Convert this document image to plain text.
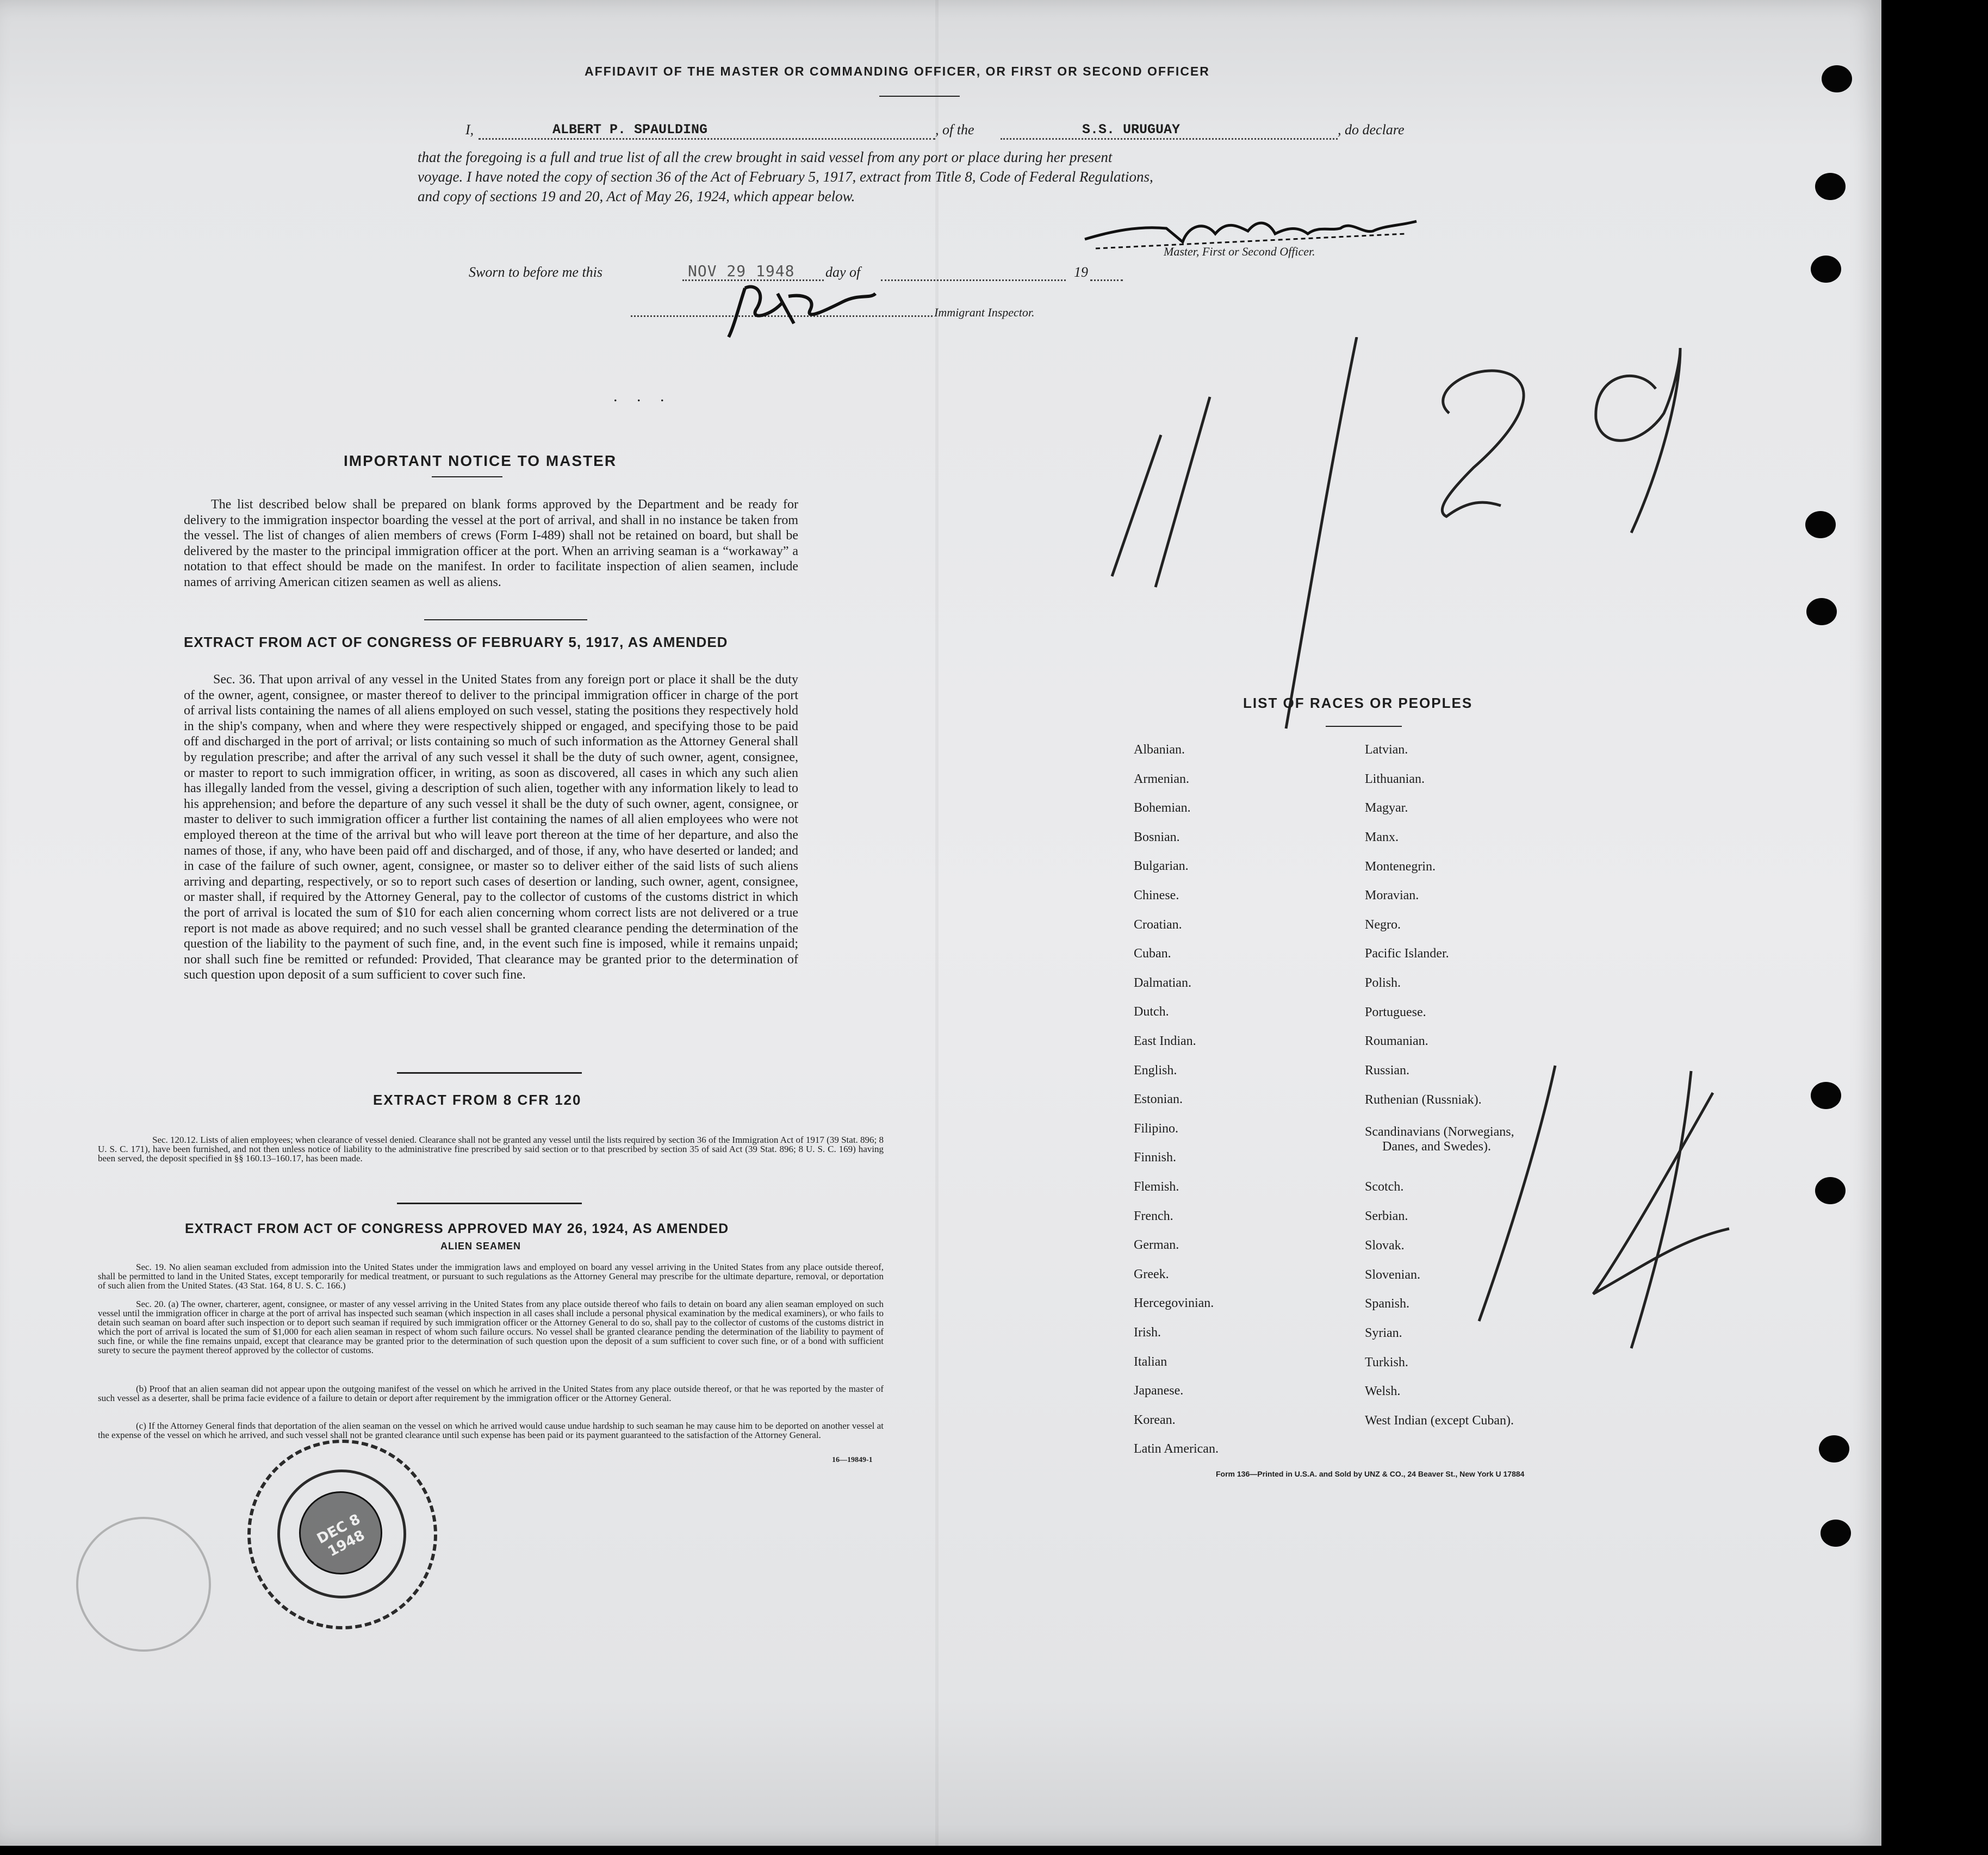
AFFIDAVIT OF THE MASTER OR COMMANDING OFFICER, OR FIRST OR SECOND OFFICER
I,	ALBERT P. SPAULDING	, of the	S.S. URUGUAY	, do declare
that the foregoing is a full and true list of all the crew brought in said vessel from any port or place during her present
voyage. I have noted the copy of section 36 of the Act of February 5, 1917, extract from Title 8, Code of Federal Regulations,
and copy of sections 19 and 20, Act of May 26, 1924, which appear below.
Master, First or Second Officer.
Sworn to before me this	NOV 29 1948 day of	19
Immigrant Inspector.
. . .
IMPORTANT NOTICE TO MASTER
The list described below shall be prepared on blank forms approved by the Department and be ready for delivery to the immigration inspector boarding the vessel at the port of arrival, and shall in no instance be taken from the vessel. The list of changes of alien members of crews (Form I-489) shall not be retained on board, but shall be delivered by the master to the principal immigration officer at the port. When an arriving seaman is a “workaway” a notation to that effect should be made on the manifest. In order to facilitate inspection of alien seamen, include names of arriving American citizen seamen as well as aliens.
EXTRACT FROM ACT OF CONGRESS OF FEBRUARY 5, 1917, AS AMENDED
Sec. 36. That upon arrival of any vessel in the United States from any foreign port or place it shall be the duty of the owner, agent, consignee, or master thereof to deliver to the principal immigration officer in charge of the port of arrival lists containing the names of all aliens employed on such vessel, stating the positions they respectively hold in the ship's company, when and where they were respectively shipped or engaged, and specifying those to be paid off and discharged in the port of arrival; or lists containing so much of such information as the Attorney General shall by regulation prescribe; and after the arrival of any such vessel it shall be the duty of such owner, agent, consignee, or master to report to such immigration officer, in writing, as soon as discovered, all cases in which any such alien has illegally landed from the vessel, giving a description of such alien, together with any information likely to lead to his apprehension; and before the departure of any such vessel it shall be the duty of such owner, agent, consignee, or master to deliver to such immigration officer a further list containing the names of all alien employees who were not employed thereon at the time of the arrival but who will leave port thereon at the time of her departure, and also the names of those, if any, who have been paid off and discharged, and of those, if any, who have deserted or landed; and in case of the failure of such owner, agent, consignee, or master so to deliver either of the said lists of such aliens arriving and departing, respectively, or so to report such cases of desertion or landing, such owner, agent, consignee, or master shall, if required by the Attorney General, pay to the collector of customs of the customs district in which the port of arrival is located the sum of $10 for each alien concerning whom correct lists are not delivered or a true report is not made as above required; and no such vessel shall be granted clearance pending the determination of the question of the liability to the payment of such fine, and, in the event such fine is imposed, while it remains unpaid; nor shall such fine be remitted or refunded: Provided, That clearance may be granted prior to the determination of such question upon deposit of a sum sufficient to cover such fine.
EXTRACT FROM 8 CFR 120
Sec. 120.12. Lists of alien employees; when clearance of vessel denied. Clearance shall not be granted any vessel until the lists required by section 36 of the Immigration Act of 1917 (39 Stat. 896; 8 U. S. C. 171), have been furnished, and not then unless notice of liability to the administrative fine prescribed by said section or to that prescribed by section 35 of said Act (39 Stat. 896; 8 U. S. C. 169) having been served, the deposit specified in §§ 160.13–160.17, has been made.
EXTRACT FROM ACT OF CONGRESS APPROVED MAY 26, 1924, AS AMENDED
ALIEN SEAMEN
Sec. 19. No alien seaman excluded from admission into the United States under the immigration laws and employed on board any vessel arriving in the United States from any place outside thereof, shall be permitted to land in the United States, except temporarily for medical treatment, or pursuant to such regulations as the Attorney General may prescribe for the ultimate departure, removal, or deportation of such alien from the United States. (43 Stat. 164, 8 U. S. C. 166.)
Sec. 20. (a) The owner, charterer, agent, consignee, or master of any vessel arriving in the United States from any place outside thereof who fails to detain on board any alien seaman employed on such vessel until the immigration officer in charge at the port of arrival has inspected such seaman (which inspection in all cases shall include a personal physical examination by the medical examiners), or who fails to detain such seaman on board after such inspection or to deport such seaman if required by such immigration officer or the Attorney General to do so, shall pay to the collector of customs of the customs district in which the port of arrival is located the sum of $1,000 for each alien seaman in respect of whom such failure occurs. No vessel shall be granted clearance pending the determination of the liability to payment of such fine, or while the fine remains unpaid, except that clearance may be granted prior to the determination of such question upon the deposit of a sum sufficient to cover such fine, or of a bond with sufficient surety to secure the payment thereof approved by the collector of customs.
(b) Proof that an alien seaman did not appear upon the outgoing manifest of the vessel on which he arrived in the United States from any place outside thereof, or that he was reported by the master of such vessel as a deserter, shall be prima facie evidence of a failure to detain or deport after requirement by the immigration officer or the Attorney General.
(c) If the Attorney General finds that deportation of the alien seaman on the vessel on which he arrived would cause undue hardship to such seaman he may cause him to be deported on another vessel at the expense of the vessel on which he arrived, and such vessel shall not be granted clearance until such expense has been paid or its payment guaranteed to the satisfaction of the Attorney General.
16—19849-1
LIST OF RACES OR PEOPLES
Albanian.
Armenian.
Bohemian.
Bosnian.
Bulgarian.
Chinese.
Croatian.
Cuban.
Dalmatian.
Dutch.
East Indian.
English.
Estonian.
Filipino.
Finnish.
Flemish.
French.
German.
Greek.
Hercegovinian.
Irish.
Italian
Japanese.
Korean.
Latin American.
Latvian.
Lithuanian.
Magyar.
Manx.
Montenegrin.
Moravian.
Negro.
Pacific Islander.
Polish.
Portuguese.
Roumanian.
Russian.
Ruthenian (Russniak).
Scandinavians (Norwegians,
Danes, and Swedes).
Scotch.
Serbian.
Slovak.
Slovenian.
Spanish.
Syrian.
Turkish.
Welsh.
West Indian (except Cuban).
Form 136—Printed in U.S.A. and Sold by UNZ & CO., 24 Beaver St., New York U 17884
DEC 8 1948
